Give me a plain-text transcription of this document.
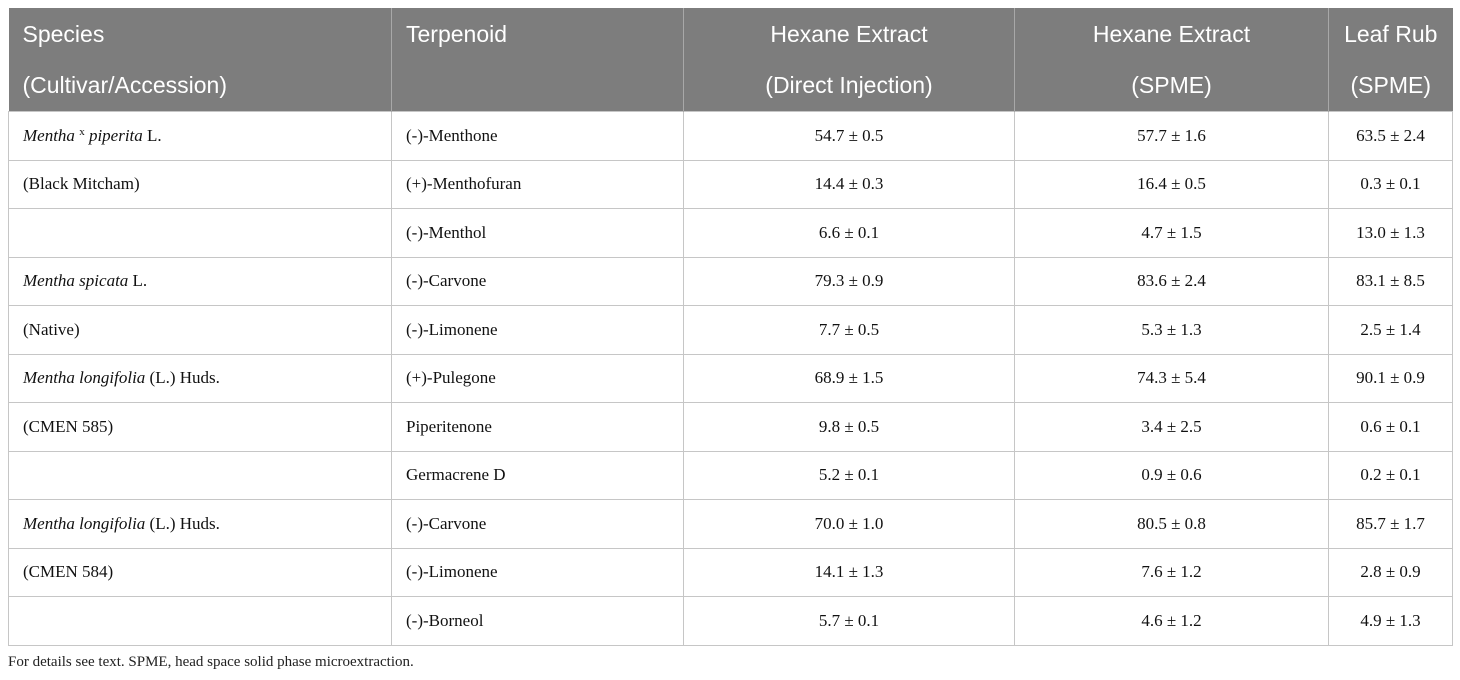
Species	Terpenoid	Hexane Extract	Hexane Extract	Leaf Rub
(Cultivar/Accession)		(Direct Injection)	(SPME)	(SPME)
Mentha $^x$ piperita L.	(-)-Menthone	54.7 ± 0.5	57.7 ± 1.6	63.5 ± 2.4
(Black Mitcham)	(+)-Menthofuran	14.4 ± 0.3	16.4 ± 0.5	0.3 ± 0.1
	(-)-Menthol	6.6 ± 0.1	4.7 ± 1.5	13.0 ± 1.3
Mentha spicata L.	(-)-Carvone	79.3 ± 0.9	83.6 ± 2.4	83.1 ± 8.5
(Native)	(-)-Limonene	7.7 ± 0.5	5.3 ± 1.3	2.5 ± 1.4
Mentha longifolia (L.) Huds.	(+)-Pulegone	68.9 ± 1.5	74.3 ± 5.4	90.1 ± 0.9
(CMEN 585)	Piperitenone	9.8 ± 0.5	3.4 ± 2.5	0.6 ± 0.1
	Germacrene D	5.2 ± 0.1	0.9 ± 0.6	0.2 ± 0.1
Mentha longifolia (L.) Huds.	(-)-Carvone	70.0 ± 1.0	80.5 ± 0.8	85.7 ± 1.7
(CMEN 584)	(-)-Limonene	14.1 ± 1.3	7.6 ± 1.2	2.8 ± 0.9
	(-)-Borneol	5.7 ± 0.1	4.6 ± 1.2	4.9 ± 1.3
For details see text. SPME, head space solid phase microextraction.
